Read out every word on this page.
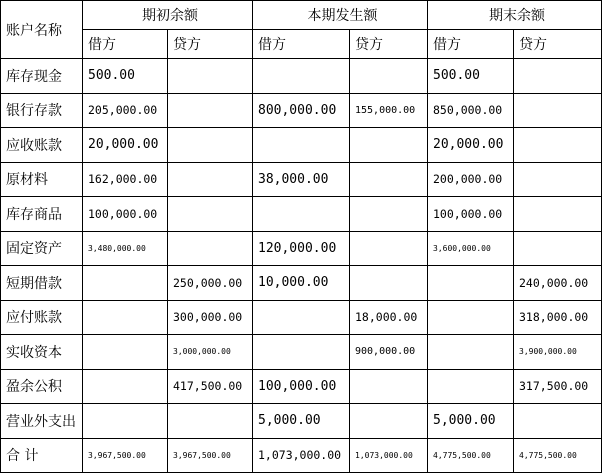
账户名称	期初余额		本期发生额		期末余额	
	借方	贷方	借方	贷方	借方	贷方
库存现金	500.00				500.00	
银行存款	205,000.00		800,000.00	155,000.00	850,000.00	
应收账款	20,000.00				20,000.00	
原材料	162,000.00		38,000.00		200,000.00	
库存商品	100,000.00				100,000.00	
固定资产	3,480,000.00		120,000.00		3,600,000.00	
短期借款		250,000.00	10,000.00			240,000.00
应付账款		300,000.00		18,000.00		318,000.00
实收资本		3,000,000.00		900,000.00		3,900,000.00
盈余公积		417,500.00	100,000.00			317,500.00
营业外支出			5,000.00		5,000.00	
合 计	3,967,500.00	3,967,500.00	1,073,000.00	1,073,000.00	4,775,500.00	4,775,500.00
